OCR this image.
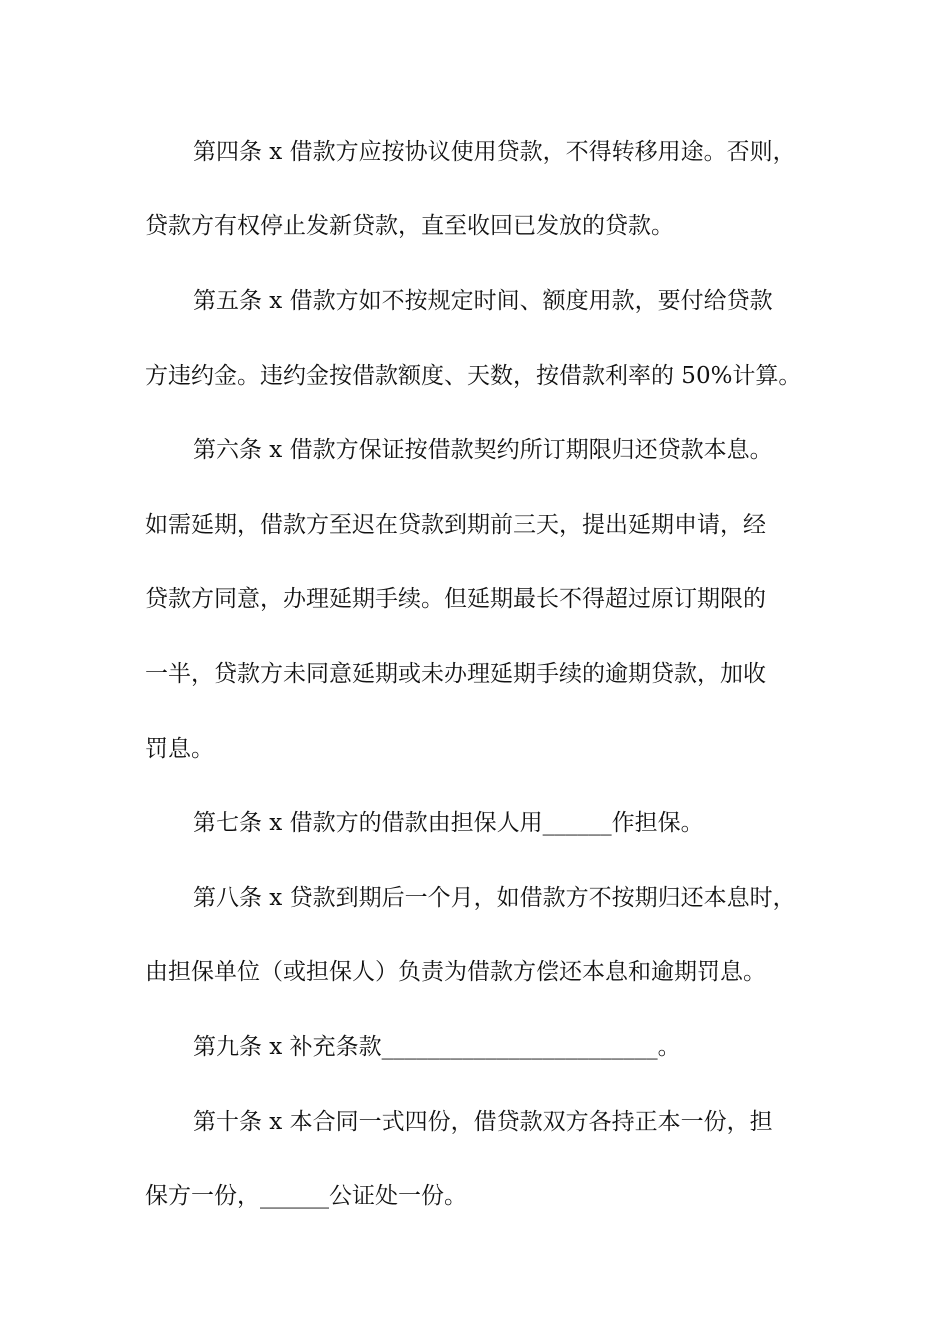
第四条 x 借款方应按协议使用贷款，不得转移用途。否则，
贷款方有权停止发新贷款，直至收回已发放的贷款。
第五条 x 借款方如不按规定时间、额度用款，要付给贷款
方违约金。违约金按借款额度、天数，按借款利率的 50%计算。
第六条 x 借款方保证按借款契约所订期限归还贷款本息。
如需延期，借款方至迟在贷款到期前三天，提出延期申请，经
贷款方同意，办理延期手续。但延期最长不得超过原订期限的
一半，贷款方未同意延期或未办理延期手续的逾期贷款，加收
罚息。
第七条 x 借款方的借款由担保人用______作担保。
第八条 x 贷款到期后一个月，如借款方不按期归还本息时，
由担保单位（或担保人）负责为借款方偿还本息和逾期罚息。
第九条 x 补充条款________________________。
第十条 x 本合同一式四份，借贷款双方各持正本一份，担
保方一份，______公证处一份。
